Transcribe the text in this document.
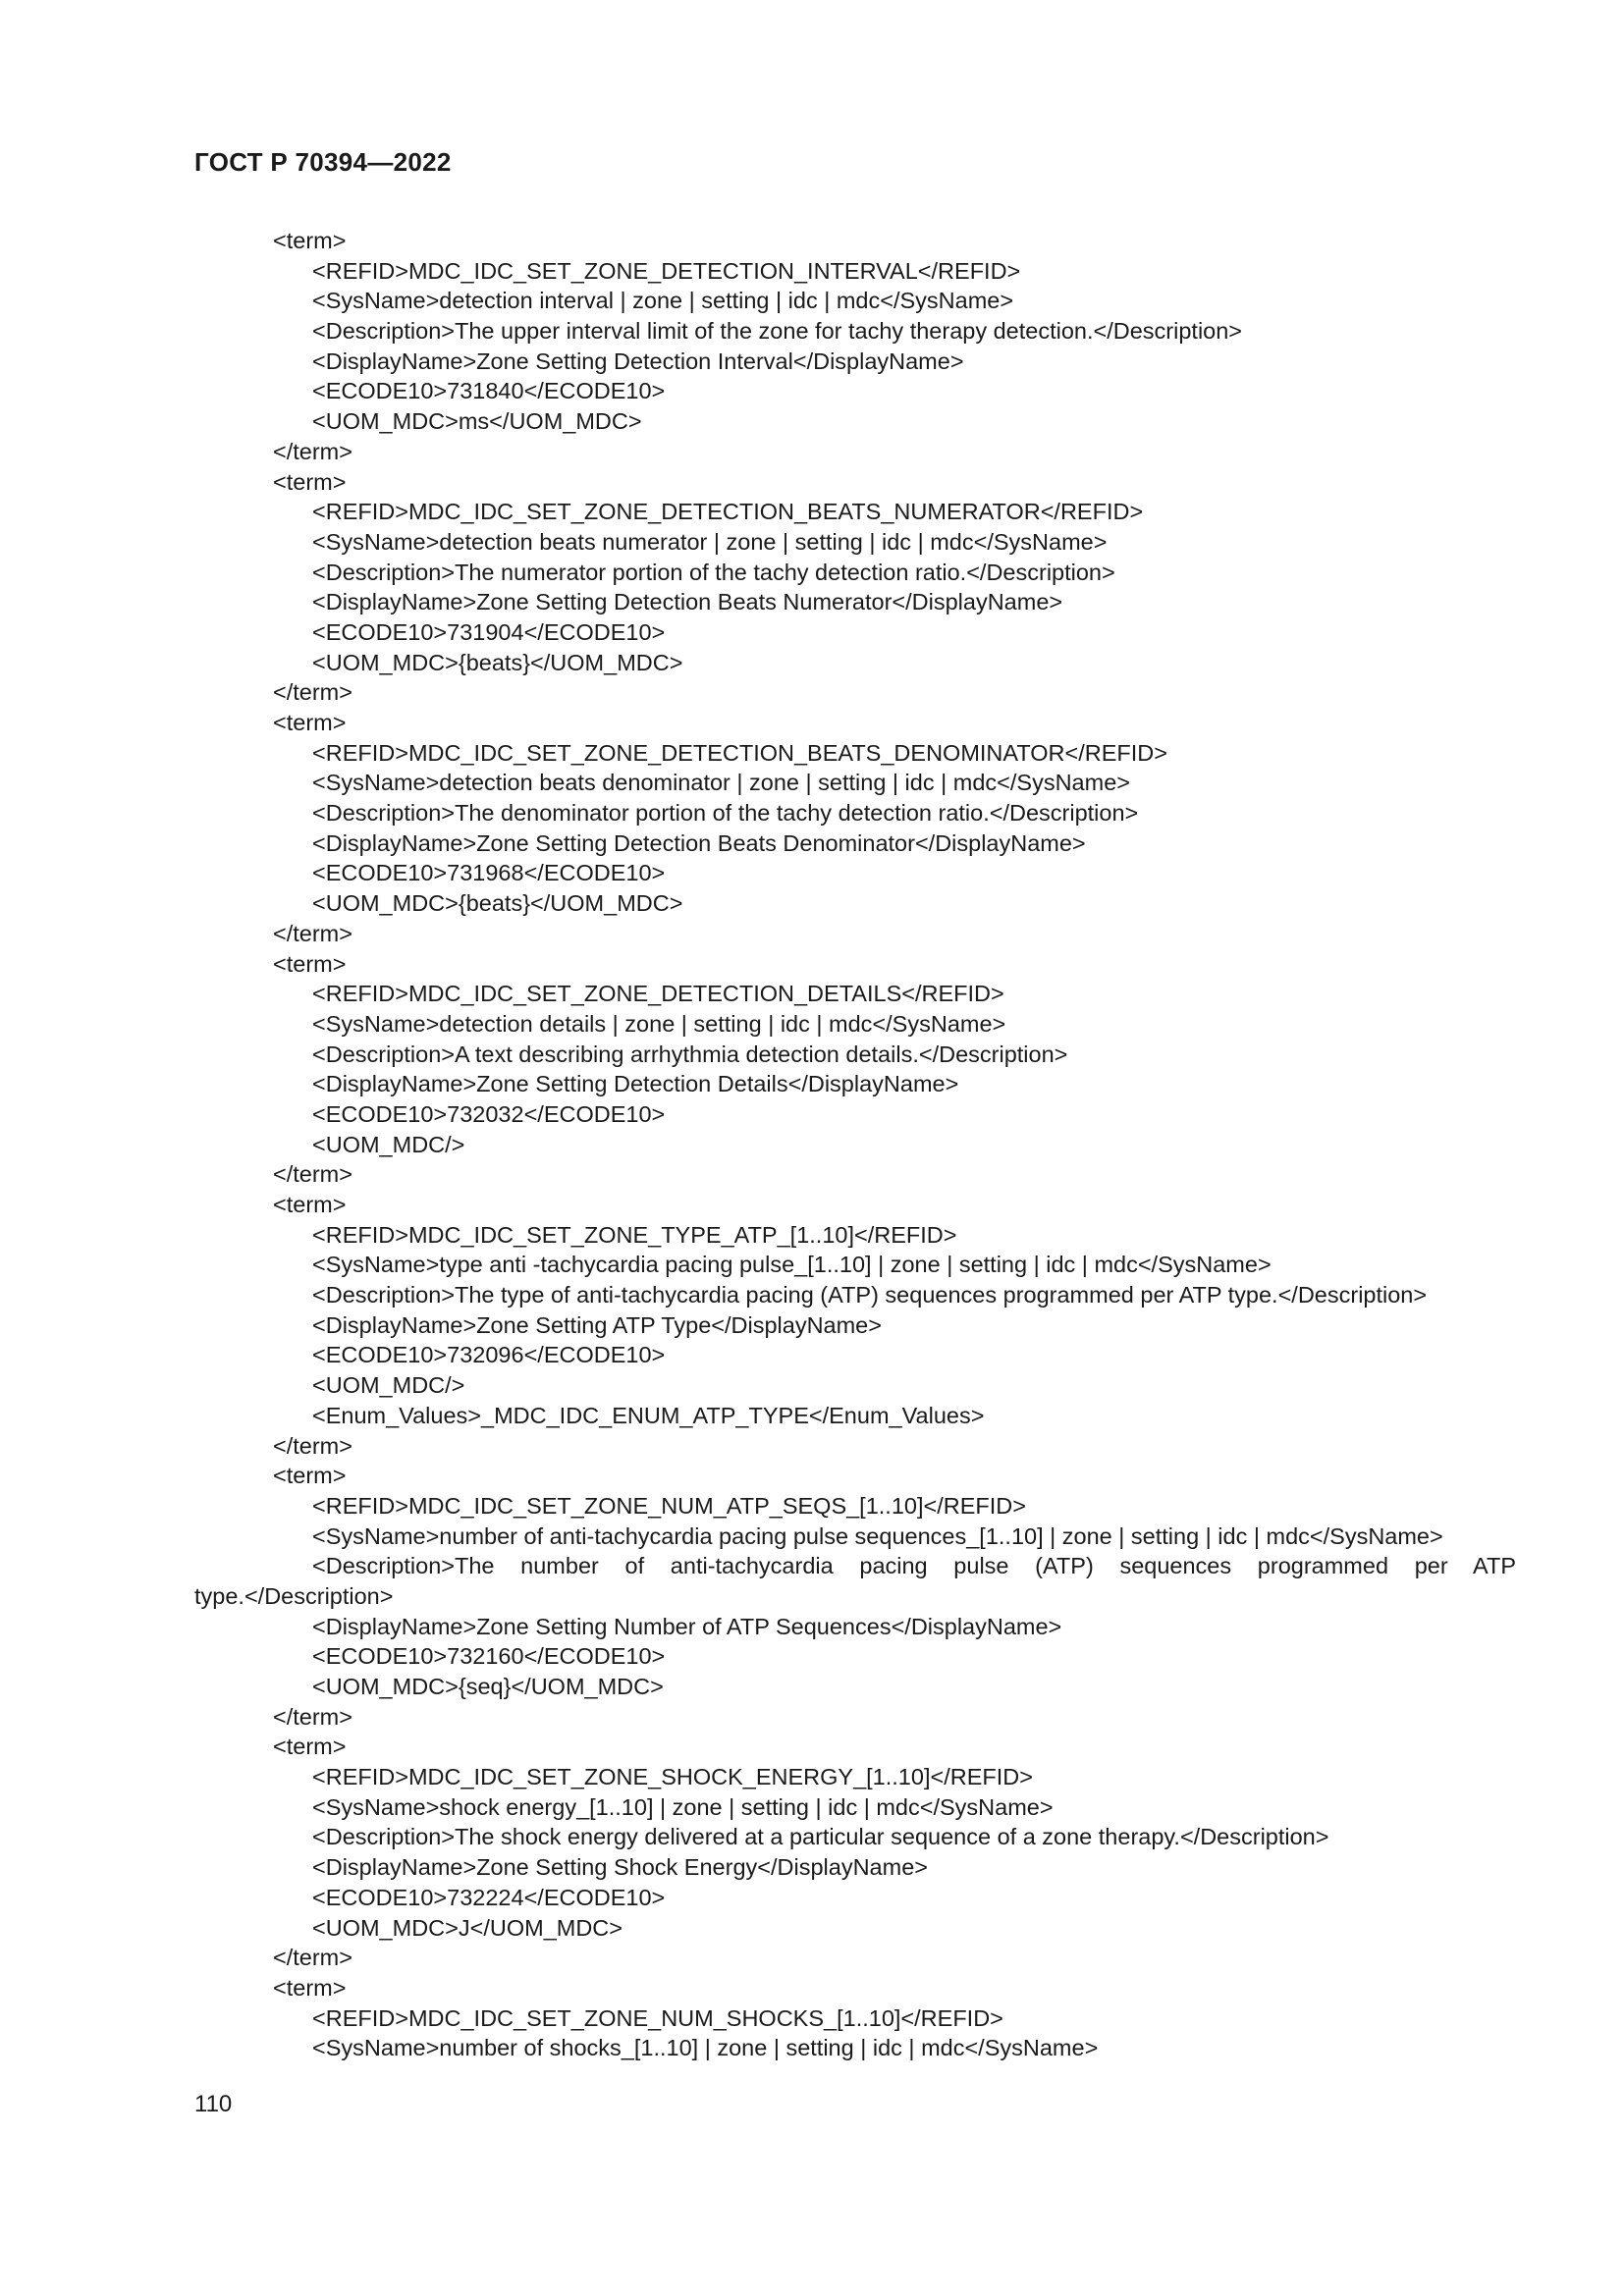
ГОСТ Р 70394—2022
<term>
<REFID>MDC_IDC_SET_ZONE_DETECTION_INTERVAL</REFID>
<SysName>detection interval | zone | setting | idc | mdc</SysName>
<Description>The upper interval limit of the zone for tachy therapy detection.</Description>
<DisplayName>Zone Setting Detection Interval</DisplayName>
<ECODE10>731840</ECODE10>
<UOM_MDC>ms</UOM_MDC>
</term>
<term>
<REFID>MDC_IDC_SET_ZONE_DETECTION_BEATS_NUMERATOR</REFID>
<SysName>detection beats numerator | zone | setting | idc | mdc</SysName>
<Description>The numerator portion of the tachy detection ratio.</Description>
<DisplayName>Zone Setting Detection Beats Numerator</DisplayName>
<ECODE10>731904</ECODE10>
<UOM_MDC>{beats}</UOM_MDC>
</term>
<term>
<REFID>MDC_IDC_SET_ZONE_DETECTION_BEATS_DENOMINATOR</REFID>
<SysName>detection beats denominator | zone | setting | idc | mdc</SysName>
<Description>The denominator portion of the tachy detection ratio.</Description>
<DisplayName>Zone Setting Detection Beats Denominator</DisplayName>
<ECODE10>731968</ECODE10>
<UOM_MDC>{beats}</UOM_MDC>
</term>
<term>
<REFID>MDC_IDC_SET_ZONE_DETECTION_DETAILS</REFID>
<SysName>detection details | zone | setting | idc | mdc</SysName>
<Description>A text describing arrhythmia detection details.</Description>
<DisplayName>Zone Setting Detection Details</DisplayName>
<ECODE10>732032</ECODE10>
<UOM_MDC/>
</term>
<term>
<REFID>MDC_IDC_SET_ZONE_TYPE_ATP_[1..10]</REFID>
<SysName>type anti -tachycardia pacing pulse_[1..10] | zone | setting | idc | mdc</SysName>
<Description>The type of anti-tachycardia pacing (ATP) sequences programmed per ATP type.</Description>
<DisplayName>Zone Setting ATP Type</DisplayName>
<ECODE10>732096</ECODE10>
<UOM_MDC/>
<Enum_Values>_MDC_IDC_ENUM_ATP_TYPE</Enum_Values>
</term>
<term>
<REFID>MDC_IDC_SET_ZONE_NUM_ATP_SEQS_[1..10]</REFID>
<SysName>number of anti-tachycardia pacing pulse sequences_[1..10] | zone | setting | idc | mdc</SysName>
<Description>The number of anti-tachycardia pacing pulse (ATP) sequences programmed per ATP
type.</Description>
<DisplayName>Zone Setting Number of ATP Sequences</DisplayName>
<ECODE10>732160</ECODE10>
<UOM_MDC>{seq}</UOM_MDC>
</term>
<term>
<REFID>MDC_IDC_SET_ZONE_SHOCK_ENERGY_[1..10]</REFID>
<SysName>shock energy_[1..10] | zone | setting | idc | mdc</SysName>
<Description>The shock energy delivered at a particular sequence of a zone therapy.</Description>
<DisplayName>Zone Setting Shock Energy</DisplayName>
<ECODE10>732224</ECODE10>
<UOM_MDC>J</UOM_MDC>
</term>
<term>
<REFID>MDC_IDC_SET_ZONE_NUM_SHOCKS_[1..10]</REFID>
<SysName>number of shocks_[1..10] | zone | setting | idc | mdc</SysName>
110
